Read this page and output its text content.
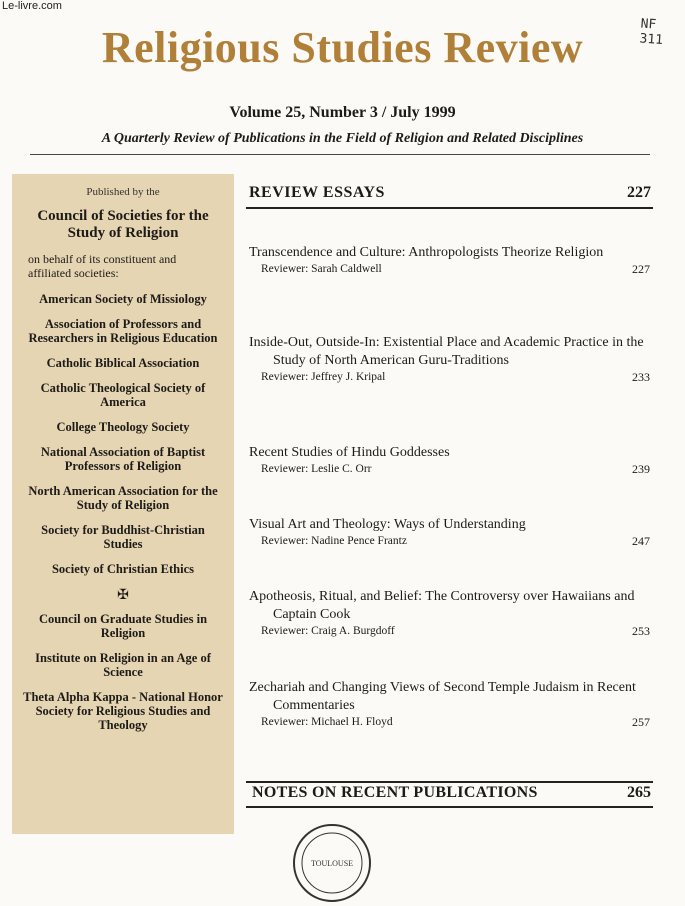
Le-livre.com
NF
311
Religious Studies Review
Volume 25, Number 3 / July 1999
A Quarterly Review of Publications in the Field of Religion and Related Disciplines
Published by the
Council of Societies for the Study of Religion
on behalf of its constituent and affiliated societies:
American Society of Missiology
Association of Professors and Researchers in Religious Education
Catholic Biblical Association
Catholic Theological Society of America
College Theology Society
National Association of Baptist Professors of Religion
North American Association for the Study of Religion
Society for Buddhist-Christian Studies
Society of Christian Ethics
✠
Council on Graduate Studies in Religion
Institute on Religion in an Age of Science
Theta Alpha Kappa - National Honor Society for Religious Studies and Theology
REVIEW ESSAYS	227
Transcendence and Culture: Anthropologists Theorize Religion
Reviewer: Sarah Caldwell	227
Inside-Out, Outside-In: Existential Place and Academic Practice in the Study of North American Guru-Traditions
Reviewer: Jeffrey J. Kripal	233
Recent Studies of Hindu Goddesses
Reviewer: Leslie C. Orr	239
Visual Art and Theology: Ways of Understanding
Reviewer: Nadine Pence Frantz	247
Apotheosis, Ritual, and Belief: The Controversy over Hawaiians and Captain Cook
Reviewer: Craig A. Burgdoff	253
Zechariah and Changing Views of Second Temple Judaism in Recent Commentaries
Reviewer: Michael H. Floyd	257
NOTES ON RECENT PUBLICATIONS	265
TOULOUSE
